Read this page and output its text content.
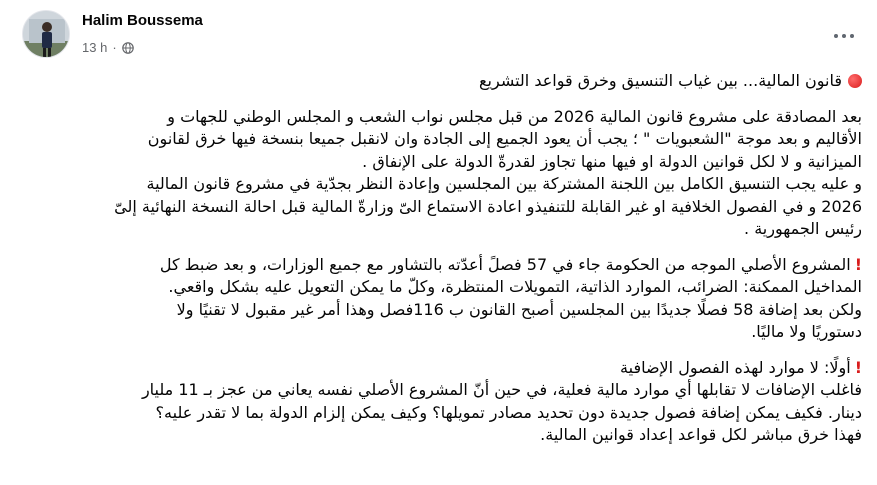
Halim Boussema
13 h ·

قانون المالية... بين غياب التنسيق وخرق قواعد التشريع

بعد المصادقة على مشروع قانون المالية 2026 من قبل مجلس نواب الشعب و المجلس الوطني للجهات و
الأقاليم و بعد موجة "الشعبويات " ؛ يجب أن يعود الجميع إلى الجادة وان لانقبل جميعا بنسخة فيها خرق لقانون
الميزانية و لا لكل قوانين الدولة او فيها منها تجاوز لقدرةّ الدولة على الإنفاق .
و عليه يجب التنسيق الكامل بين اللجنة المشتركة بين المجلسين وإعادة النظر بجدّية في مشروع قانون المالية
2026 و في الفصول الخلافية او غير القابلة للتنفيذو اعادة الاستماع الىّ وزارةّ المالية قبل احالة النسخة النهائية إلىّ
رئيس الجمهورية .

!المشروع الأصلي الموجه من الحكومة جاء في 57 فصلً أعدّته بالتشاور مع جميع الوزارات، و بعد ضبط كل
المداخيل الممكنة: الضرائب، الموارد الذاتية، التمويلات المنتظرة، وكلّ ما يمكن التعويل عليه بشكل واقعي.
ولكن بعد إضافة 58 فصلًا جديدًا بين المجلسين أصبح القانون ب 116فصل وهذا أمر غير مقبول لا تقنيًا ولا
دستوريًا ولا ماليًا.

!أولًا: لا موارد لهذه الفصول الإضافية
فاغلب الإضافات لا تقابلها أي موارد مالية فعلية، في حين أنّ المشروع الأصلي نفسه يعاني من عجز بـ 11 مليار
دينار. فكيف يمكن إضافة فصول جديدة دون تحديد مصادر تمويلها؟ وكيف يمكن إلزام الدولة بما لا تقدر عليه؟
فهذا خرق مباشر لكل قواعد إعداد قوانين المالية.
